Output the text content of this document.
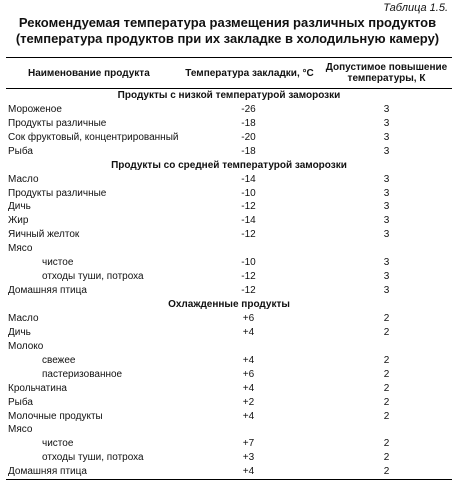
Таблица 1.5.
Рекомендуемая температура размещения различных продуктов
(температура продуктов при их закладке в холодильную камеру)
Наименование продукта	Температура закладки, °С	Допустимое повышение
температуры, К

Продукты с низкой температурой заморозки		
Мороженое	-26	3
Продукты различные	-18	3
Сок фруктовый, концентрированный	-20	3
Рыба	-18	3
Продукты со средней температурой заморозки		
Масло	-14	3
Продукты различные	-10	3
Дичь	-12	3
Жир	-14	3
Яичный желток	-12	3
Мясо		
чистое	-10	3
отходы туши, потроха	-12	3
Домашняя птица	-12	3
Охлажденные продукты		
Масло	+6	2
Дичь	+4	2
Молоко		
свежее	+4	2
пастеризованное	+6	2
Крольчатина	+4	2
Рыба	+2	2
Молочные продукты	+4	2
Мясо		
чистое	+7	2
отходы туши, потроха	+3	2
Домашняя птица	+4	2
